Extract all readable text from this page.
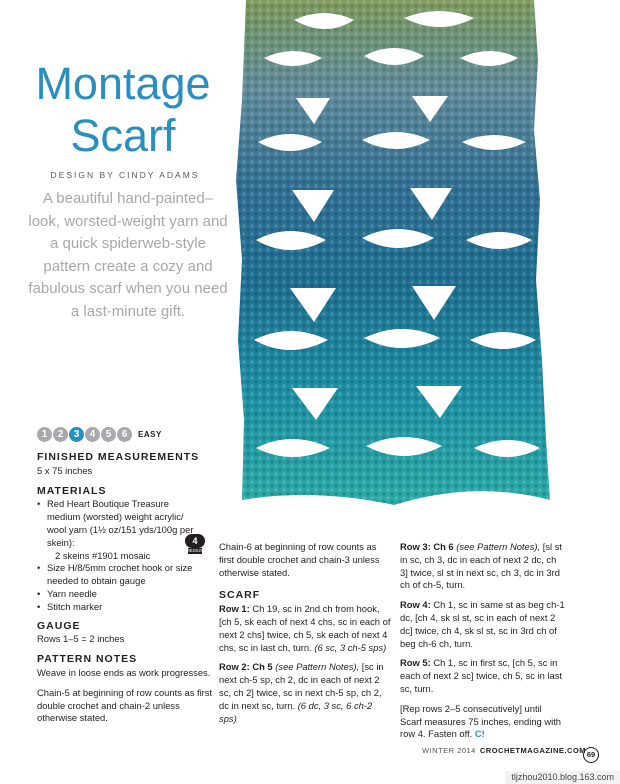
Montage Scarf
DESIGN BY CINDY ADAMS
A beautiful hand-painted–look, worsted-weight yarn and a quick spiderweb-style pattern create a cozy and fabulous scarf when you need a last-minute gift.
1	2	3	4	5	6	EASY
FINISHED MEASUREMENTS

5 x 75 inches

MATERIALS
4
MEDIUM
• Red Heart Boutique Treasure medium (worsted) weight acrylic/ wool yarn (1½ oz/151 yds/100g per skein):
2 skeins #1901 mosaic
• Size H/8/5mm crochet hook or size needed to obtain gauge
• Yarn needle
• Stitch marker
GAUGE

Rows 1–5 = 2 inches

PATTERN NOTES

Weave in loose ends as work progresses.

Chain-5 at beginning of row counts as first double crochet and chain-2 unless otherwise stated.

Chain-6 at beginning of row counts as first double crochet and chain-3 unless otherwise stated.

SCARF

Row 1: Ch 19, sc in 2nd ch from hook, [ch 5, sk each of next 4 chs, sc in each of next 2 chs] twice, ch 5, sk each of next 4 chs, sc in last ch, turn. (6 sc, 3 ch-5 sps)

Row 2: Ch 5 (see Pattern Notes), [sc in next ch-5 sp, ch 2, dc in each of next 2 sc, ch 2] twice, sc in next ch-5 sp, ch 2, dc in next sc, turn. (6 dc, 3 sc, 6 ch-2 sps)

Row 3: Ch 6 (see Pattern Notes), [sl st in sc, ch 3, dc in each of next 2 dc, ch 3] twice, sl st in next sc, ch 3, dc in 3rd ch of ch-5, turn.

Row 4: Ch 1, sc in same st as beg ch-1 dc, [ch 4, sk sl st, sc in each of next 2 dc] twice, ch 4, sk sl st, sc in 3rd ch of beg ch-6 ch, turn.

Row 5: Ch 1, sc in first sc, [ch 5, sc in each of next 2 sc] twice, ch 5, sc in last sc, turn.

[Rep rows 2–5 consecutively] until Scarf measures 75 inches, ending with row 4. Fasten off. C!

WINTER 2014 CROCHETMAGAZINE.COM 69
tljzhou2010.blog.163.com
